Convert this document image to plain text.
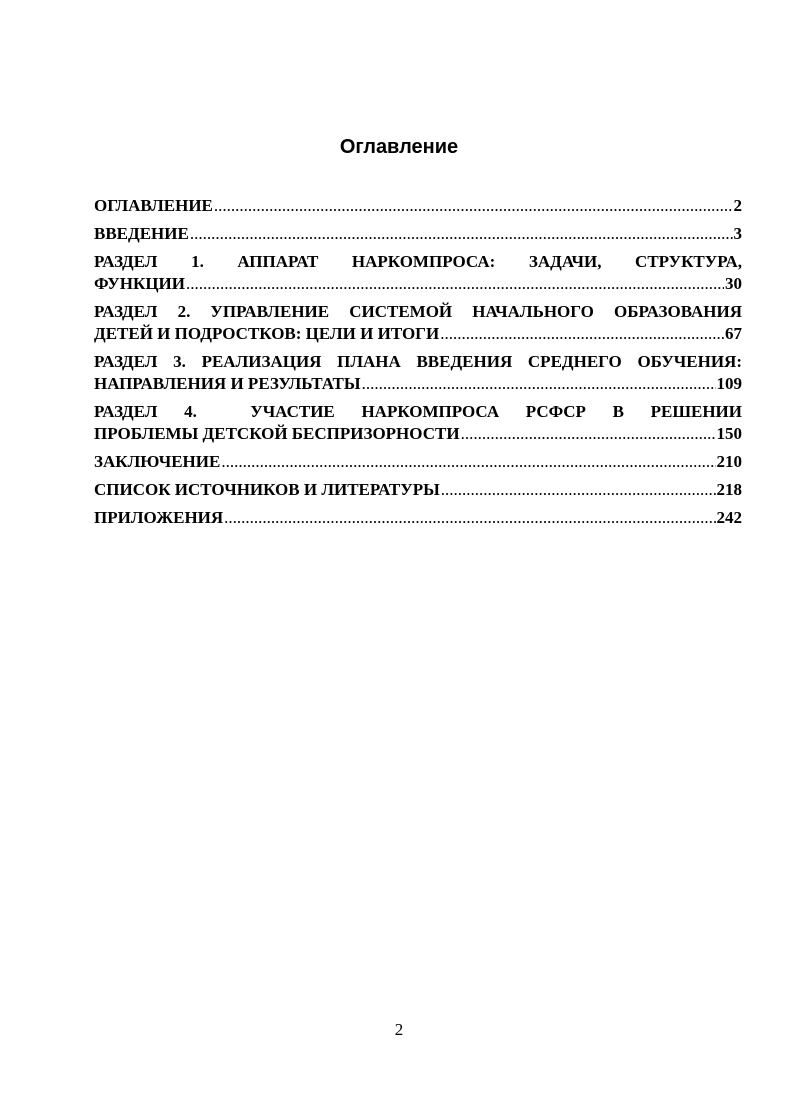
Оглавление
ОГЛАВЛЕНИЕ .....	2
ВВЕДЕНИЕ .....	3
РАЗДЕЛ 1. АППАРАТ НАРКОМПРОСА: ЗАДАЧИ, СТРУКТУРА,
ФУНКЦИИ .....	30
РАЗДЕЛ 2. УПРАВЛЕНИЕ СИСТЕМОЙ НАЧАЛЬНОГО ОБРАЗОВАНИЯ
ДЕТЕЙ И ПОДРОСТКОВ: ЦЕЛИ И ИТОГИ .....	67
РАЗДЕЛ 3. РЕАЛИЗАЦИЯ ПЛАНА ВВЕДЕНИЯ СРЕДНЕГО ОБУЧЕНИЯ:
НАПРАВЛЕНИЯ И РЕЗУЛЬТАТЫ .....	109
РАЗДЕЛ 4.  УЧАСТИЕ НАРКОМПРОСА РСФСР В РЕШЕНИИ
ПРОБЛЕМЫ ДЕТСКОЙ БЕСПРИЗОРНОСТИ .....	150
ЗАКЛЮЧЕНИЕ .....	210
СПИСОК ИСТОЧНИКОВ И ЛИТЕРАТУРЫ .....	218
ПРИЛОЖЕНИЯ .....	242
2
